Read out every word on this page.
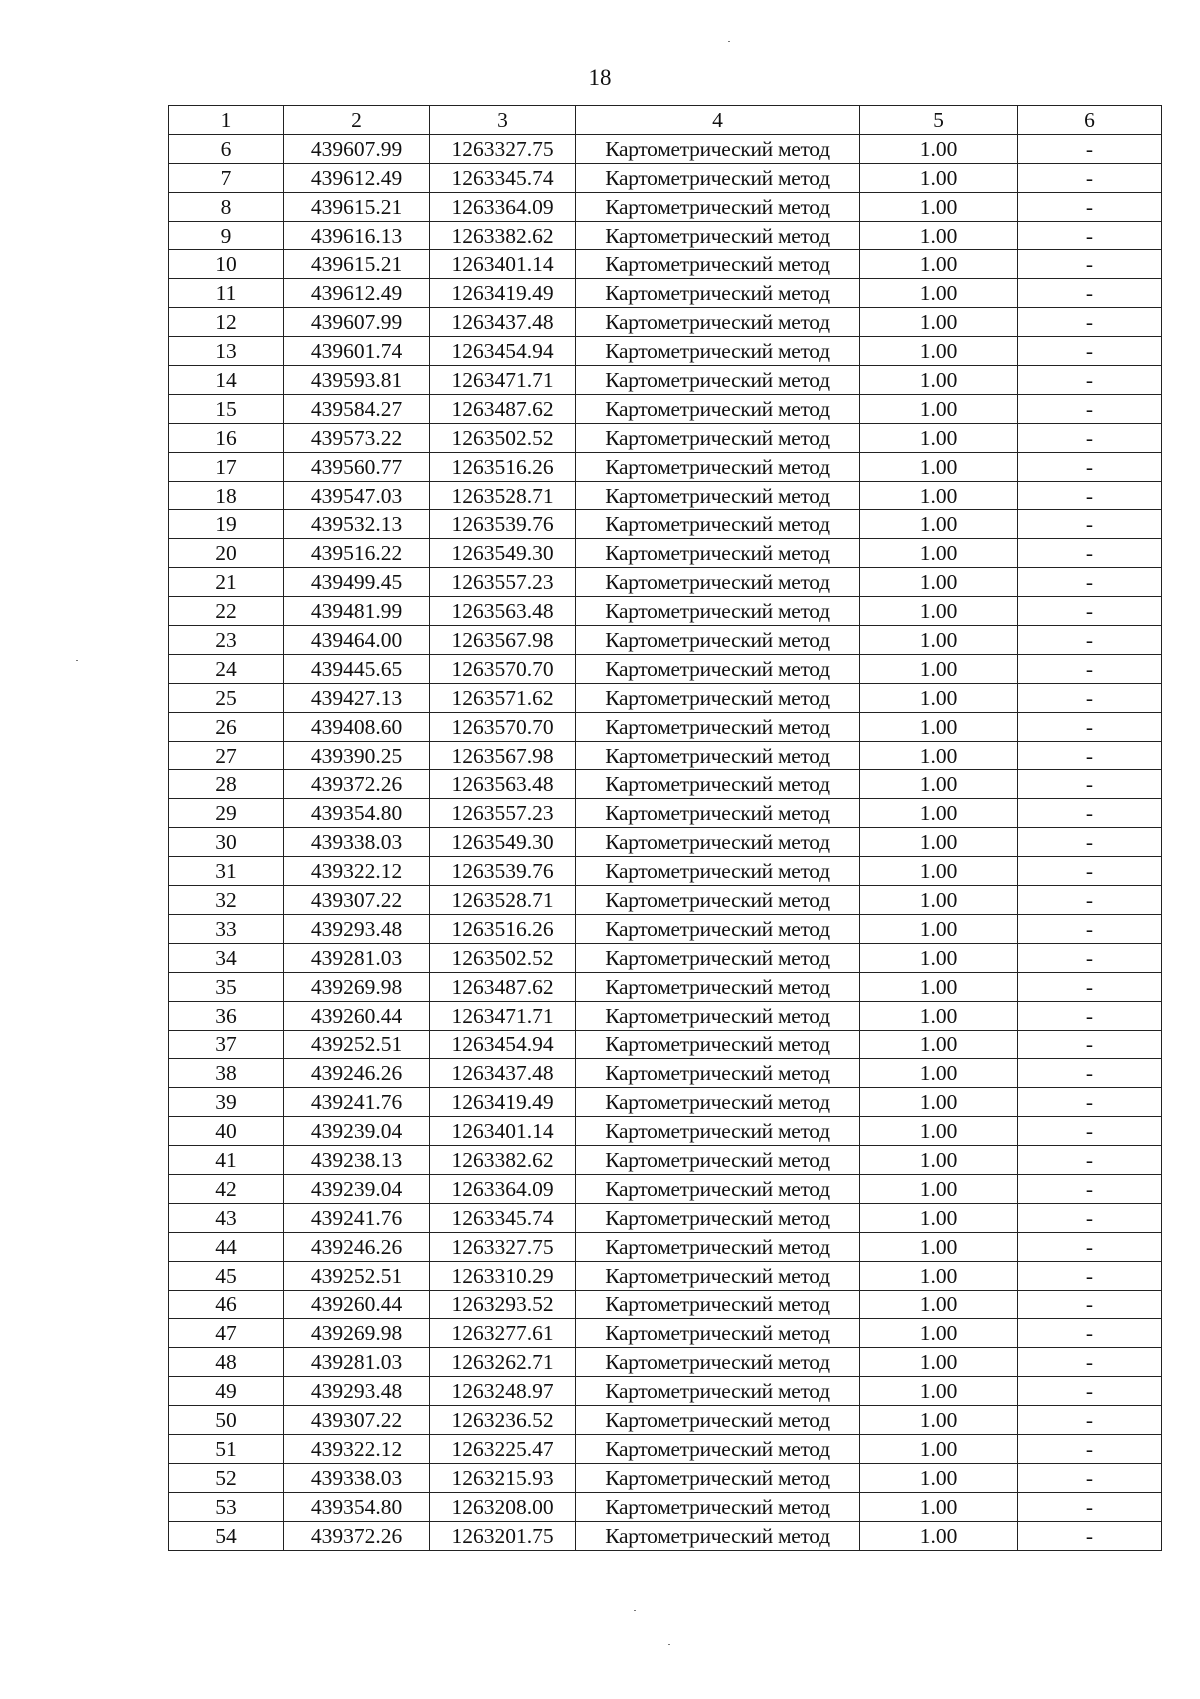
18
1	2	3	4	5	6
6	439607.99	1263327.75	Картометрический метод	1.00	-
7	439612.49	1263345.74	Картометрический метод	1.00	-
8	439615.21	1263364.09	Картометрический метод	1.00	-
9	439616.13	1263382.62	Картометрический метод	1.00	-
10	439615.21	1263401.14	Картометрический метод	1.00	-
11	439612.49	1263419.49	Картометрический метод	1.00	-
12	439607.99	1263437.48	Картометрический метод	1.00	-
13	439601.74	1263454.94	Картометрический метод	1.00	-
14	439593.81	1263471.71	Картометрический метод	1.00	-
15	439584.27	1263487.62	Картометрический метод	1.00	-
16	439573.22	1263502.52	Картометрический метод	1.00	-
17	439560.77	1263516.26	Картометрический метод	1.00	-
18	439547.03	1263528.71	Картометрический метод	1.00	-
19	439532.13	1263539.76	Картометрический метод	1.00	-
20	439516.22	1263549.30	Картометрический метод	1.00	-
21	439499.45	1263557.23	Картометрический метод	1.00	-
22	439481.99	1263563.48	Картометрический метод	1.00	-
23	439464.00	1263567.98	Картометрический метод	1.00	-
24	439445.65	1263570.70	Картометрический метод	1.00	-
25	439427.13	1263571.62	Картометрический метод	1.00	-
26	439408.60	1263570.70	Картометрический метод	1.00	-
27	439390.25	1263567.98	Картометрический метод	1.00	-
28	439372.26	1263563.48	Картометрический метод	1.00	-
29	439354.80	1263557.23	Картометрический метод	1.00	-
30	439338.03	1263549.30	Картометрический метод	1.00	-
31	439322.12	1263539.76	Картометрический метод	1.00	-
32	439307.22	1263528.71	Картометрический метод	1.00	-
33	439293.48	1263516.26	Картометрический метод	1.00	-
34	439281.03	1263502.52	Картометрический метод	1.00	-
35	439269.98	1263487.62	Картометрический метод	1.00	-
36	439260.44	1263471.71	Картометрический метод	1.00	-
37	439252.51	1263454.94	Картометрический метод	1.00	-
38	439246.26	1263437.48	Картометрический метод	1.00	-
39	439241.76	1263419.49	Картометрический метод	1.00	-
40	439239.04	1263401.14	Картометрический метод	1.00	-
41	439238.13	1263382.62	Картометрический метод	1.00	-
42	439239.04	1263364.09	Картометрический метод	1.00	-
43	439241.76	1263345.74	Картометрический метод	1.00	-
44	439246.26	1263327.75	Картометрический метод	1.00	-
45	439252.51	1263310.29	Картометрический метод	1.00	-
46	439260.44	1263293.52	Картометрический метод	1.00	-
47	439269.98	1263277.61	Картометрический метод	1.00	-
48	439281.03	1263262.71	Картометрический метод	1.00	-
49	439293.48	1263248.97	Картометрический метод	1.00	-
50	439307.22	1263236.52	Картометрический метод	1.00	-
51	439322.12	1263225.47	Картометрический метод	1.00	-
52	439338.03	1263215.93	Картометрический метод	1.00	-
53	439354.80	1263208.00	Картометрический метод	1.00	-
54	439372.26	1263201.75	Картометрический метод	1.00	-
